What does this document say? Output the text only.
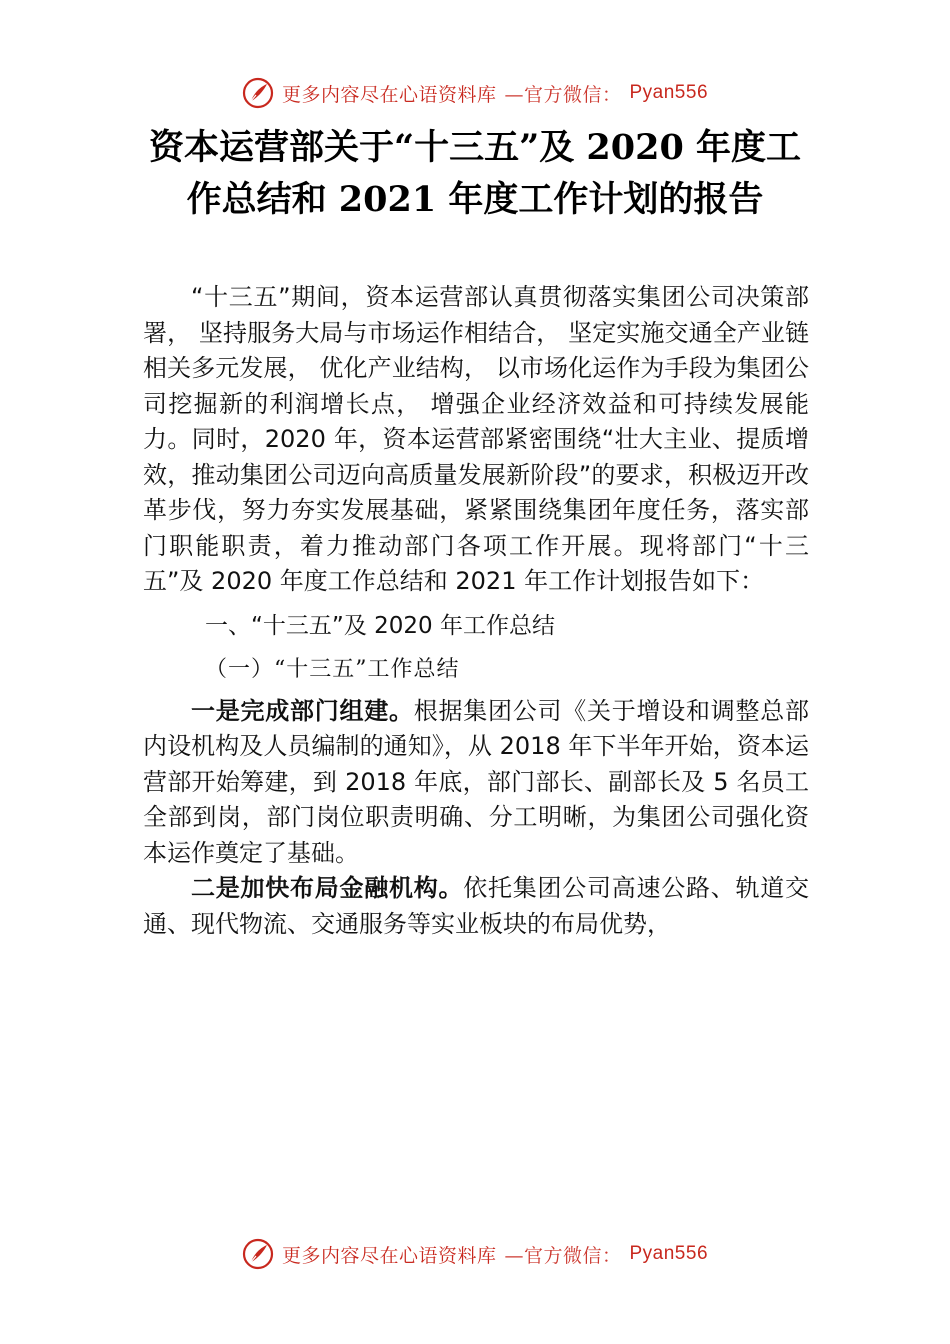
更多内容尽在心语资料库 —官方微信： Pyan556
资本运营部关于“十三五”及 2020 年度工
作总结和 2021 年度工作计划的报告

“十三五”期间，资本运营部认真贯彻落实集团公司决策部署， 坚持服务大局与市场运作相结合， 坚定实施交通全产业链相关多元发展， 优化产业结构， 以市场化运作为手段为集团公司挖掘新的利润增长点， 增强企业经济效益和可持续发展能力。同时，2020 年，资本运营部紧密围绕“壮大主业、提质增效，推动集团公司迈向高质量发展新阶段”的要求，积极迈开改革步伐，努力夯实发展基础，紧紧围绕集团年度任务，落实部门职能职责，着力推动部门各项工作开展。现将部门“十三五”及 2020 年度工作总结和 2021 年工作计划报告如下：

一、“十三五”及 2020 年工作总结

（一）“十三五”工作总结

一是完成部门组建。根据集团公司《关于增设和调整总部内设机构及人员编制的通知》，从 2018 年下半年开始，资本运营部开始筹建，到 2018 年底，部门部长、副部长及 5 名员工全部到岗，部门岗位职责明确、分工明晰，为集团公司强化资本运作奠定了基础。

二是加快布局金融机构。依托集团公司高速公路、轨道交通、现代物流、交通服务等实业板块的布局优势，

更多内容尽在心语资料库 —官方微信： Pyan556
